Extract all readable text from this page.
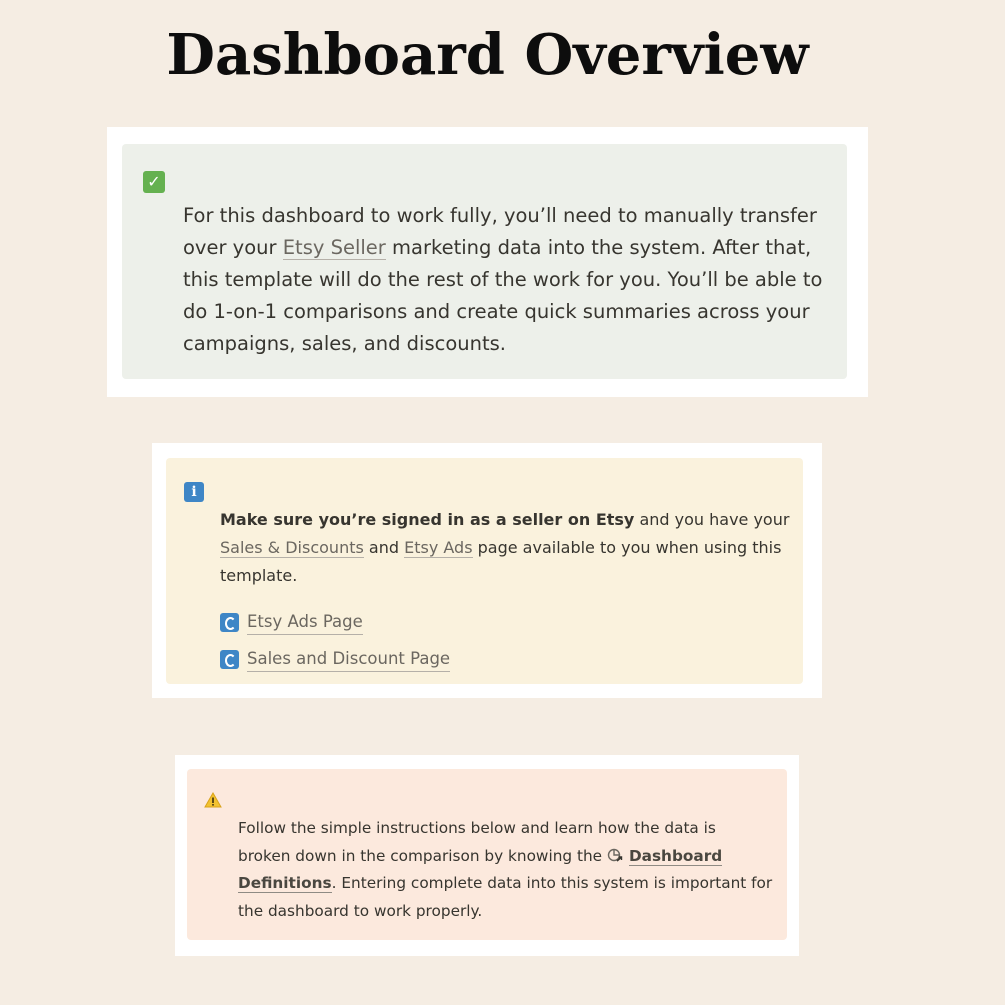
Dashboard Overview
✓

For this dashboard to work fully, you’ll need to manually transfer over your Etsy Seller marketing data into the system. After that, this template will do the rest of the work for you. You’ll be able to do 1-on-1 comparisons and create quick summaries across your campaigns, sales, and discounts.

i

Make sure you’re signed in as a seller on Etsy and you have your Sales & Discounts and Etsy Ads page available to you when using this template.

Etsy Ads Page
Sales and Discount Page

Follow the simple instructions below and learn how the data is broken down in the comparison by knowing the Dashboard Definitions. Entering complete data into this system is important for the dashboard to work properly.
